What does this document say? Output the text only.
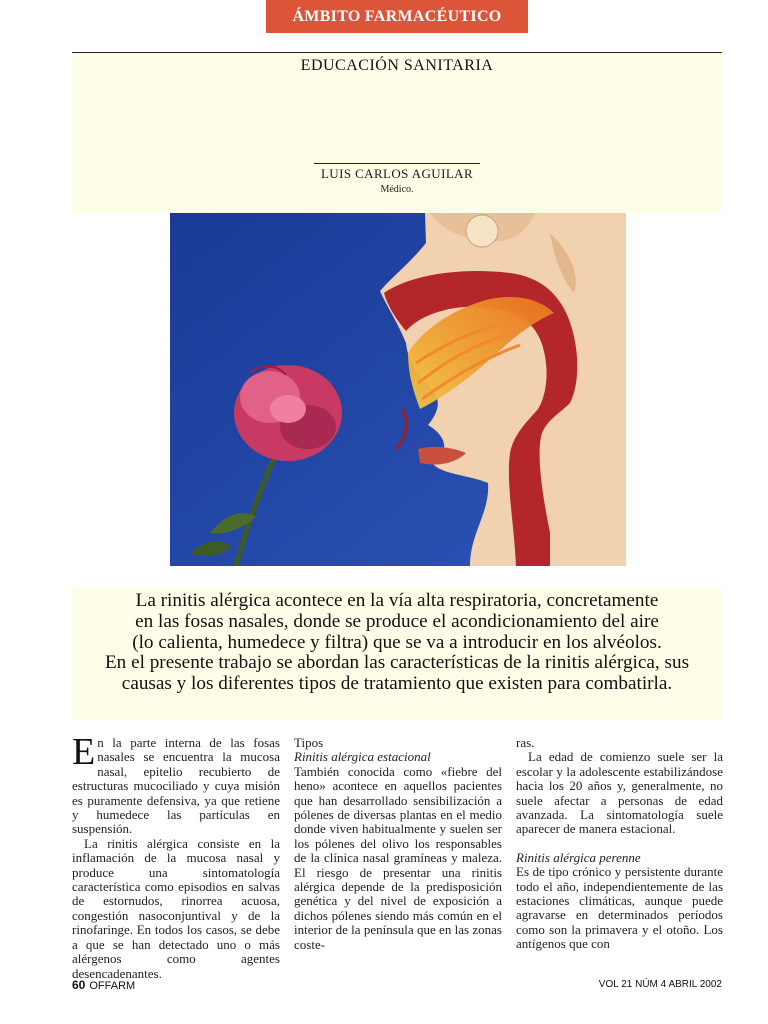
ÁMBITO FARMACÉUTICO
EDUCACIÓN SANITARIA
LUIS CARLOS AGUILAR
Médico.
La rinitis alérgica acontece en la vía alta respiratoria, concretamente
en las fosas nasales, donde se produce el acondicionamiento del aire
(lo calienta, humedece y filtra) que se va a introducir en los alvéolos.
En el presente trabajo se abordan las características de la rinitis alérgica, sus
causas y los diferentes tipos de tratamiento que existen para combatirla.

En la parte interna de las fosas nasales se encuentra la mucosa nasal, epitelio recubierto de estructuras mucociliado y cuya misión es puramente defensiva, ya que retiene y humedece las partículas en suspensión.

La rinitis alérgica consiste en la inflamación de la mucosa nasal y produce una sintomatología característica como episodios en salvas de estornudos, rinorrea acuosa, congestión nasoconjuntival y de la rinofaringe. En todos los casos, se debe a que se han detectado uno o más alérgenos como agentes desencadenantes.

Tipos

Rinitis alérgica estacional

También conocida como «fiebre del heno» acontece en aquellos pacientes que han desarrollado sensibilización a pólenes de diversas plantas en el medio donde viven habitualmente y suelen ser los pólenes del olivo los responsables de la clínica nasal gramíneas y maleza. El riesgo de presentar una rinitis alérgica depende de la predisposición genética y del nivel de exposición a dichos pólenes siendo más común en el interior de la península que en las zonas coste-

ras.

La edad de comienzo suele ser la escolar y la adolescente estabilizándose hacia los 20 años y, generalmente, no suele afectar a personas de edad avanzada. La sintomatología suele aparecer de manera estacional.

Rinitis alérgica perenne

Es de tipo crónico y persistente durante todo el año, independientemente de las estaciones climáticas, aunque puede agravarse en determinados períodos como son la primavera y el otoño. Los antígenos que con

60 OFFARM	VOL 21 NÚM 4 ABRIL 2002
